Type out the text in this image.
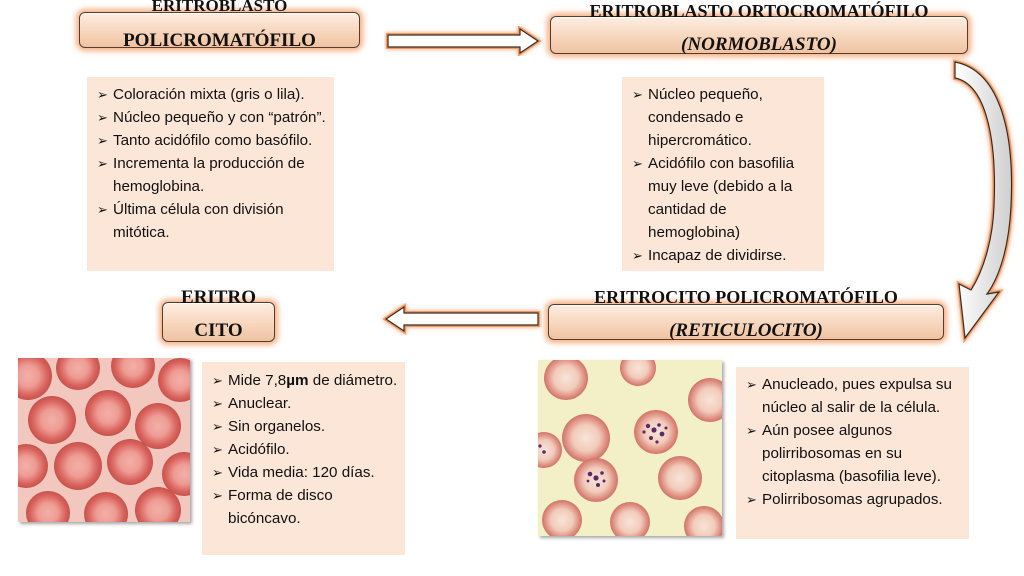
ERITROBLASTO
POLICROMATÓFILO
ERITROBLASTO ORTOCROMATÓFILO
(NORMOBLASTO)
ERITROCITO POLICROMATÓFILO
(RETICULOCITO)
ERITRO
CITO
➢ Coloración mixta (gris o lila).
➢ Núcleo pequeño y con “patrón”.
➢ Tanto acidófilo como basófilo.
➢ Incrementa la producción de hemoglobina.
➢ Última célula con división mitótica.
➢ Núcleo pequeño, condensado e hipercromático.
➢ Acidófilo con basofilia muy leve (debido a la cantidad de hemoglobina)
➢ Incapaz de dividirse.
➢ Mide 7,8µm de diámetro.
➢ Anuclear.
➢ Sin organelos.
➢ Acidófilo.
➢ Vida media: 120 días.
➢ Forma de disco bicóncavo.
➢ Anucleado, pues expulsa su núcleo al salir de la célula.
➢ Aún posee algunos polirribosomas en su citoplasma (basofilia leve).
➢ Polirribosomas agrupados.
